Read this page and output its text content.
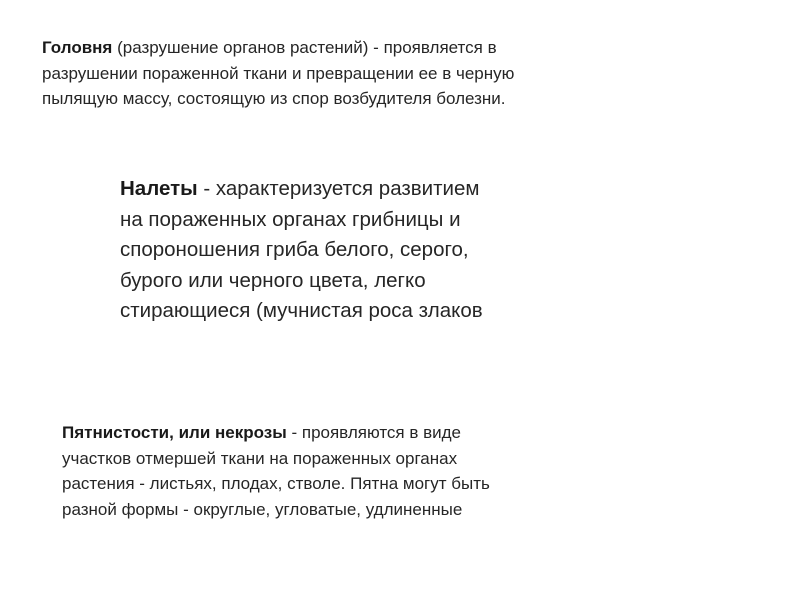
Головня (разрушение органов растений) - проявляется в
разрушении пораженной ткани и превращении ее в черную
пылящую массу, состоящую из спор возбудителя болезни.

Налеты - характеризуется развитием
на пораженных органах грибницы и
спороношения гриба белого, серого,
бурого или черного цвета, легко
стирающиеся (мучнистая роса злаков

Пятнистости, или некрозы - проявляются в виде
участков отмершей ткани на пораженных органах
растения - листьях, плодах, стволе. Пятна могут быть
разной формы - округлые, угловатые, удлиненные
